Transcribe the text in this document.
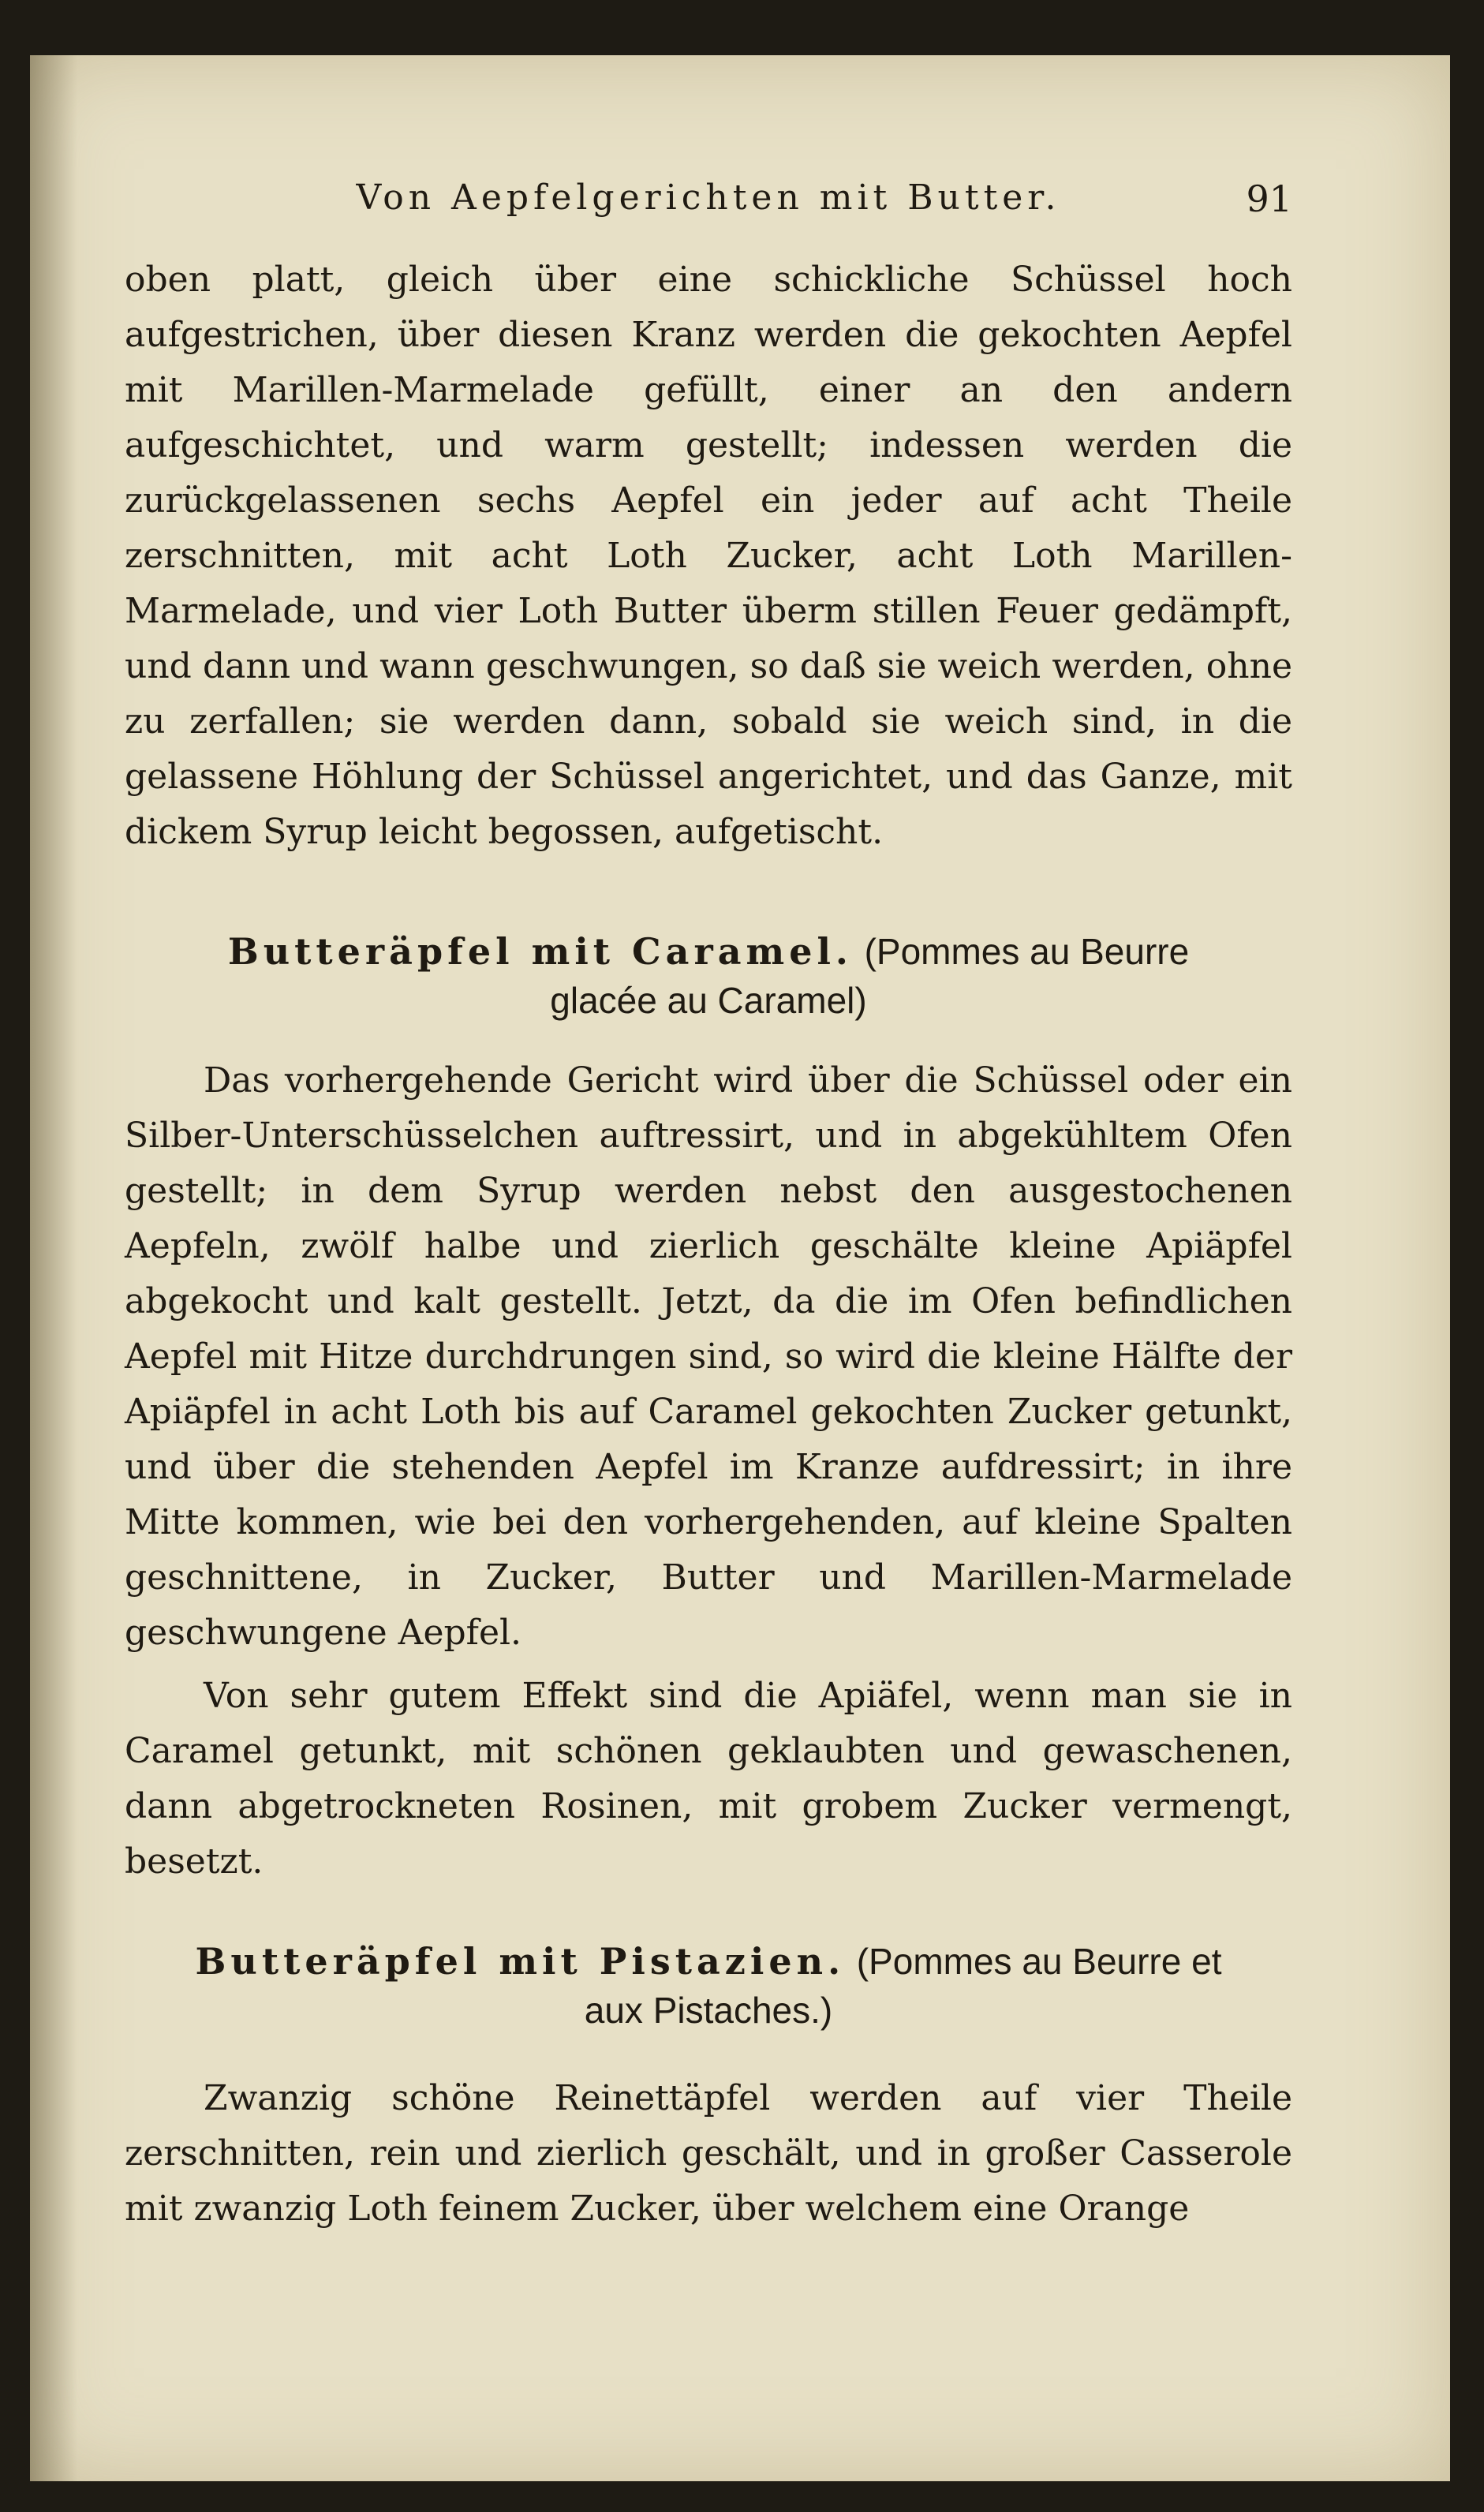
Von Aepfelgerichten mit Butter.	91

oben platt, gleich über eine schickliche Schüssel hoch aufgestrichen, über diesen Kranz werden die gekochten Aepfel mit Marillen-Marmelade gefüllt, einer an den andern aufgeschichtet, und warm gestellt; indessen werden die zurückgelassenen sechs Aepfel ein jeder auf acht Theile zerschnitten, mit acht Loth Zucker, acht Loth Marillen-Marmelade, und vier Loth Butter überm stillen Feuer gedämpft, und dann und wann geschwungen, so daß sie weich werden, ohne zu zerfallen; sie werden dann, sobald sie weich sind, in die gelassene Höhlung der Schüssel angerichtet, und das Ganze, mit dickem Syrup leicht begossen, aufgetischt.

Butteräpfel mit Caramel. (Pommes au Beurre
glacée au Caramel)

Das vorhergehende Gericht wird über die Schüssel oder ein Silber-Unterschüsselchen auftressirt, und in abgekühltem Ofen gestellt; in dem Syrup werden nebst den ausgestochenen Aepfeln, zwölf halbe und zierlich geschälte kleine Apiäpfel abgekocht und kalt gestellt. Jetzt, da die im Ofen befindlichen Aepfel mit Hitze durchdrungen sind, so wird die kleine Hälfte der Apiäpfel in acht Loth bis auf Caramel gekochten Zucker getunkt, und über die stehenden Aepfel im Kranze aufdressirt; in ihre Mitte kommen, wie bei den vorhergehenden, auf kleine Spalten geschnittene, in Zucker, Butter und Marillen-Marmelade geschwungene Aepfel.

Von sehr gutem Effekt sind die Apiäfel, wenn man sie in Caramel getunkt, mit schönen geklaubten und gewaschenen, dann abgetrockneten Rosinen, mit grobem Zucker vermengt, besetzt.

Butteräpfel mit Pistazien. (Pommes au Beurre et
aux Pistaches.)

Zwanzig schöne Reinettäpfel werden auf vier Theile zerschnitten, rein und zierlich geschält, und in großer Casserole mit zwanzig Loth feinem Zucker, über welchem eine Orange
